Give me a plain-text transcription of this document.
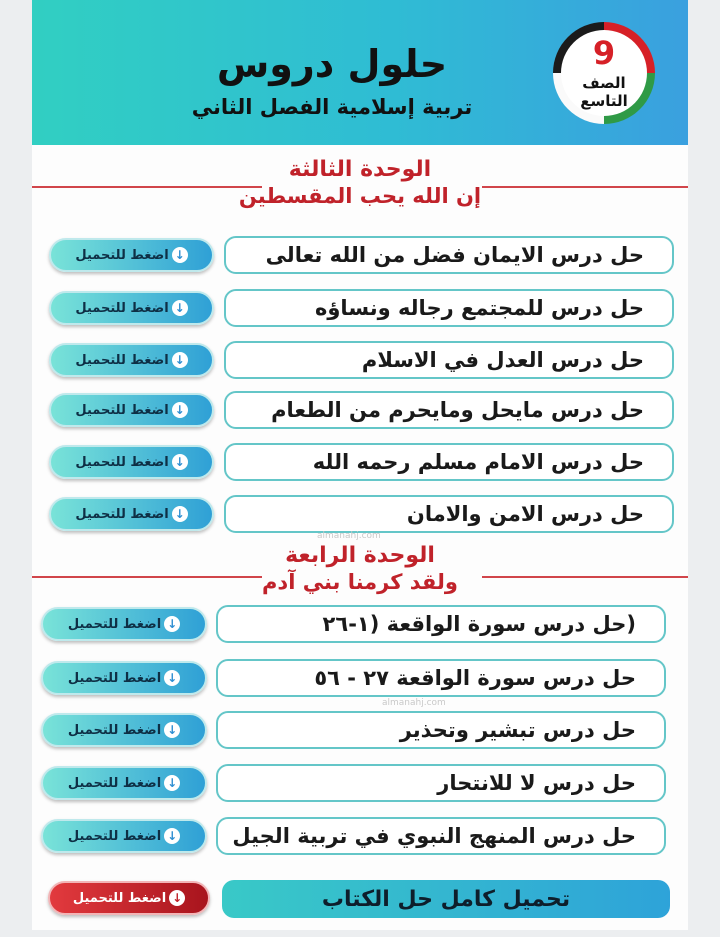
حلول دروس
تربية إسلامية الفصل الثاني
9
الصف
التاسع
الوحدة الثالثة
إن الله يحب المقسطين
حل درس الايمان فضل من الله تعالى
↓
اضغط للتحميل
حل درس للمجتمع رجاله ونساؤه
↓
اضغط للتحميل
حل درس العدل في الاسلام
↓
اضغط للتحميل
حل درس مايحل ومايحرم من الطعام
↓
اضغط للتحميل
حل درس الامام مسلم رحمه الله
↓
اضغط للتحميل
حل درس الامن والامان
↓
اضغط للتحميل
almanahj.com
الوحدة الرابعة
ولقد كرمنا بني آدم
(حل درس سورة الواقعة (١-٢٦
↓
اضغط للتحميل
حل درس سورة الواقعة ٢٧ - ٥٦
↓
اضغط للتحميل
almanahj.com
حل درس تبشير وتحذير
↓
اضغط للتحميل
حل درس لا للانتحار
↓
اضغط للتحميل
حل درس المنهج النبوي في تربية الجيل
↓
اضغط للتحميل
تحميل كامل حل الكتاب
↓
اضغط للتحميل
